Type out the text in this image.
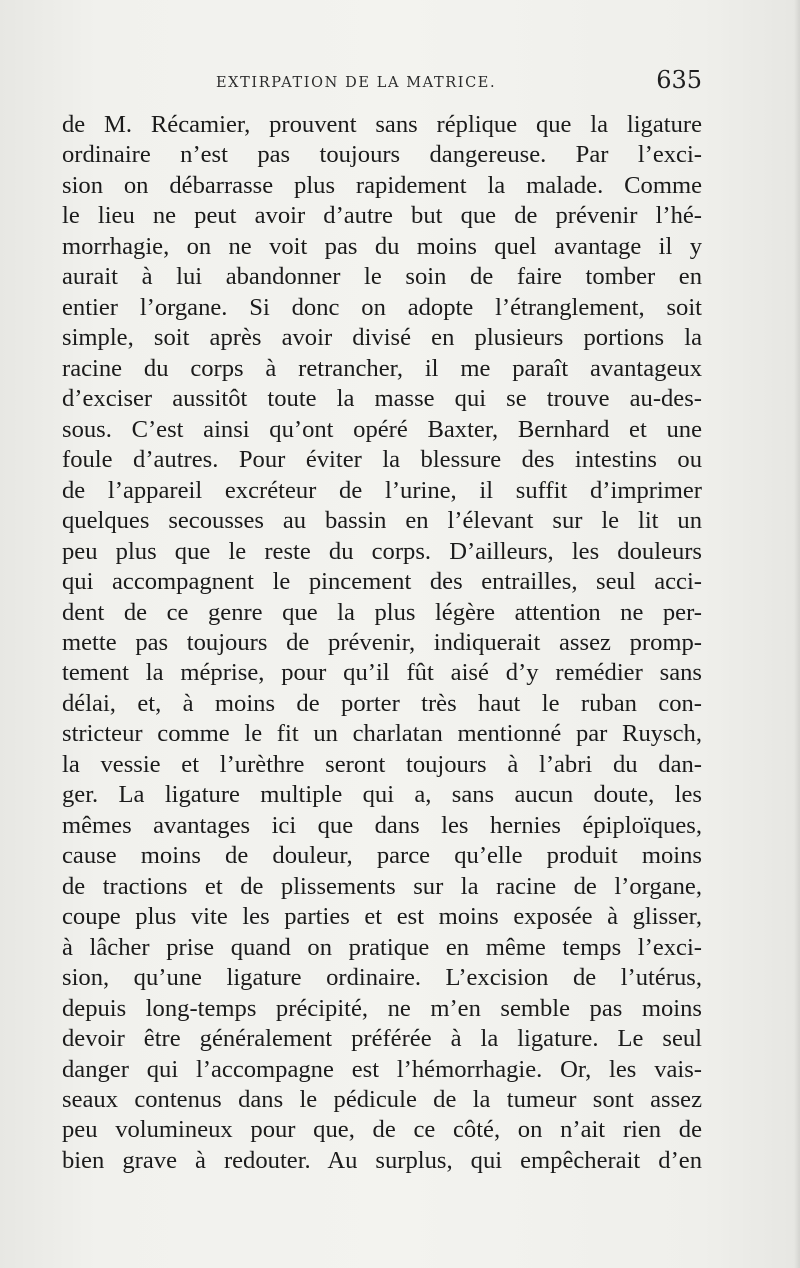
EXTIRPATION DE LA MATRICE.	635
de M. Récamier, prouvent sans réplique que la ligature
ordinaire n’est pas toujours dangereuse. Par l’exci-
sion on débarrasse plus rapidement la malade. Comme
le lieu ne peut avoir d’autre but que de prévenir l’hé-
morrhagie, on ne voit pas du moins quel avantage il y
aurait à lui abandonner le soin de faire tomber en
entier l’organe. Si donc on adopte l’étranglement, soit
simple, soit après avoir divisé en plusieurs portions la
racine du corps à retrancher, il me paraît avantageux
d’exciser aussitôt toute la masse qui se trouve au-des-
sous. C’est ainsi qu’ont opéré Baxter, Bernhard et une
foule d’autres. Pour éviter la blessure des intestins ou
de l’appareil excréteur de l’urine, il suffit d’imprimer
quelques secousses au bassin en l’élevant sur le lit un
peu plus que le reste du corps. D’ailleurs, les douleurs
qui accompagnent le pincement des entrailles, seul acci-
dent de ce genre que la plus légère attention ne per-
mette pas toujours de prévenir, indiquerait assez promp-
tement la méprise, pour qu’il fût aisé d’y remédier sans
délai, et, à moins de porter très haut le ruban con-
stricteur comme le fit un charlatan mentionné par Ruysch,
la vessie et l’urèthre seront toujours à l’abri du dan-
ger. La ligature multiple qui a, sans aucun doute, les
mêmes avantages ici que dans les hernies épiploïques,
cause moins de douleur, parce qu’elle produit moins
de tractions et de plissements sur la racine de l’organe,
coupe plus vite les parties et est moins exposée à glisser,
à lâcher prise quand on pratique en même temps l’exci-
sion, qu’une ligature ordinaire. L’excision de l’utérus,
depuis long-temps précipité, ne m’en semble pas moins
devoir être généralement préférée à la ligature. Le seul
danger qui l’accompagne est l’hémorrhagie. Or, les vais-
seaux contenus dans le pédicule de la tumeur sont assez
peu volumineux pour que, de ce côté, on n’ait rien de
bien grave à redouter. Au surplus, qui empêcherait d’en
